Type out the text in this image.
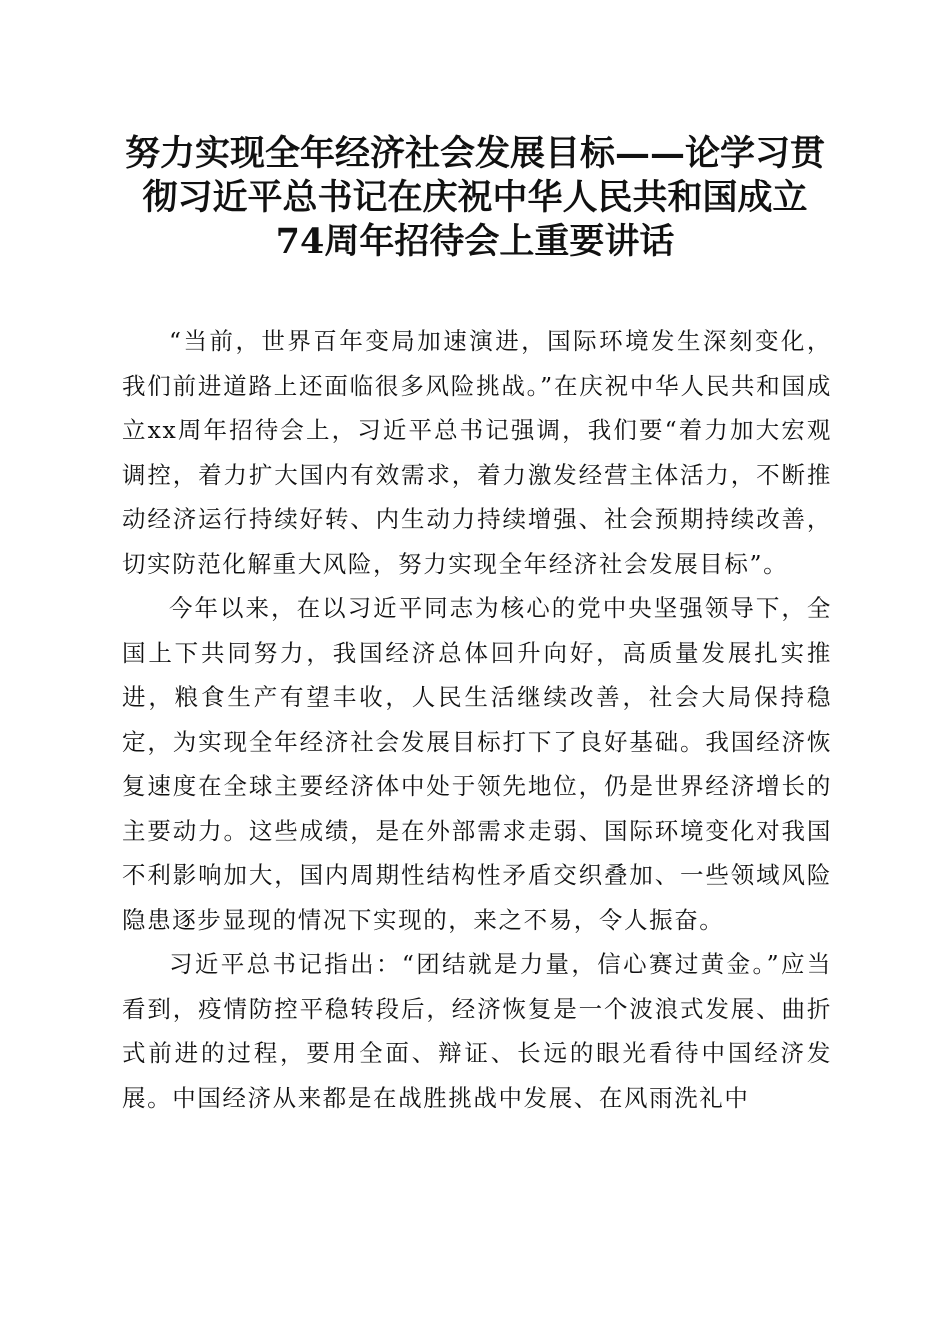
努力实现全年经济社会发展目标——论学习贯
彻习近平总书记在庆祝中华人民共和国成立
74周年招待会上重要讲话

“当前，世界百年变局加速演进，国际环境发生深刻变化，我们前进道路上还面临很多风险挑战。”在庆祝中华人民共和国成立xx周年招待会上，习近平总书记强调，我们要“着力加大宏观调控，着力扩大国内有效需求，着力激发经营主体活力，不断推动经济运行持续好转、内生动力持续增强、社会预期持续改善，切实防范化解重大风险，努力实现全年经济社会发展目标”。

今年以来，在以习近平同志为核心的党中央坚强领导下，全国上下共同努力，我国经济总体回升向好，高质量发展扎实推进，粮食生产有望丰收，人民生活继续改善，社会大局保持稳定，为实现全年经济社会发展目标打下了良好基础。我国经济恢复速度在全球主要经济体中处于领先地位，仍是世界经济增长的主要动力。这些成绩，是在外部需求走弱、国际环境变化对我国不利影响加大，国内周期性结构性矛盾交织叠加、一些领域风险隐患逐步显现的情况下实现的，来之不易，令人振奋。

习近平总书记指出：“团结就是力量，信心赛过黄金。”应当看到，疫情防控平稳转段后，经济恢复是一个波浪式发展、曲折式前进的过程，要用全面、辩证、长远的眼光看待中国经济发展。中国经济从来都是在战胜挑战中发展、在风雨洗礼中
